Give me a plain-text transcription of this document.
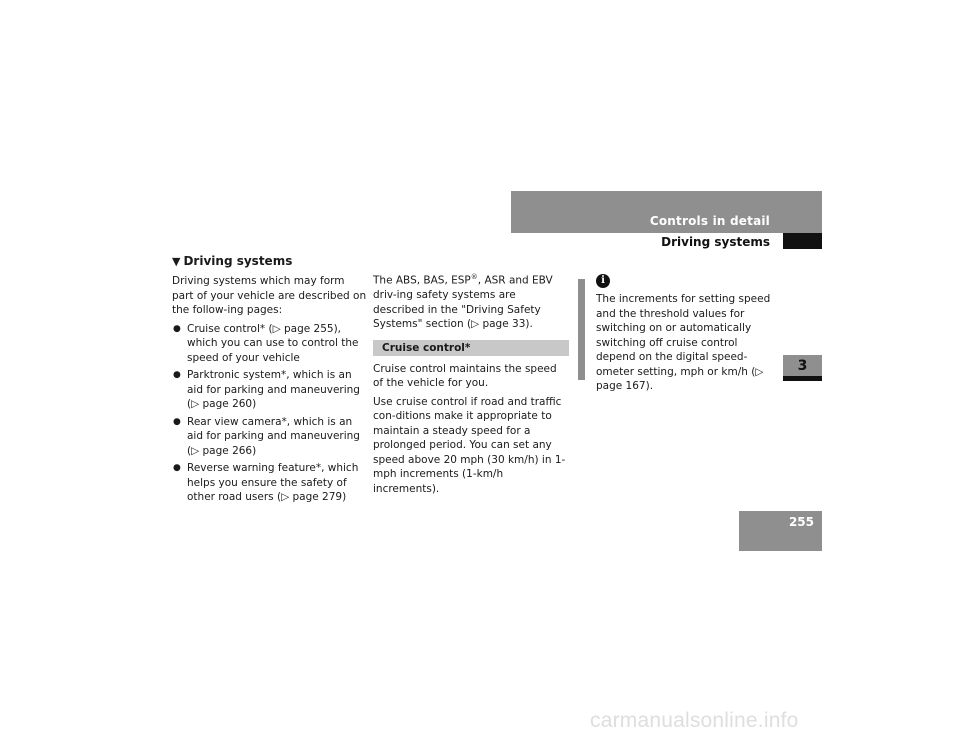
Controls in detail
Driving systems
3
255
▼ Driving systems

Driving systems which may form part of your vehicle are described on the follow-ing pages:

● Cruise control* (▷ page 255), which you can use to control the speed of your vehicle
● Parktronic system*, which is an aid for parking and maneuvering (▷ page 260)
● Rear view camera*, which is an aid for parking and maneuvering (▷ page 266)
● Reverse warning feature*, which helps you ensure the safety of other road users (▷ page 279)

The ABS, BAS, ESP®, ASR and EBV driv-ing safety systems are described in the "Driving Safety Systems" section (▷ page 33).

Cruise control*

Cruise control maintains the speed of the vehicle for you.

Use cruise control if road and traffic con-ditions make it appropriate to maintain a steady speed for a prolonged period. You can set any speed above 20 mph (30 km/h) in 1-mph increments (1-km/h increments).

i

The increments for setting speed and the threshold values for switching on or automatically switching off cruise control depend on the digital speed-ometer setting, mph or km/h (▷ page 167).

carmanualsonline.info
